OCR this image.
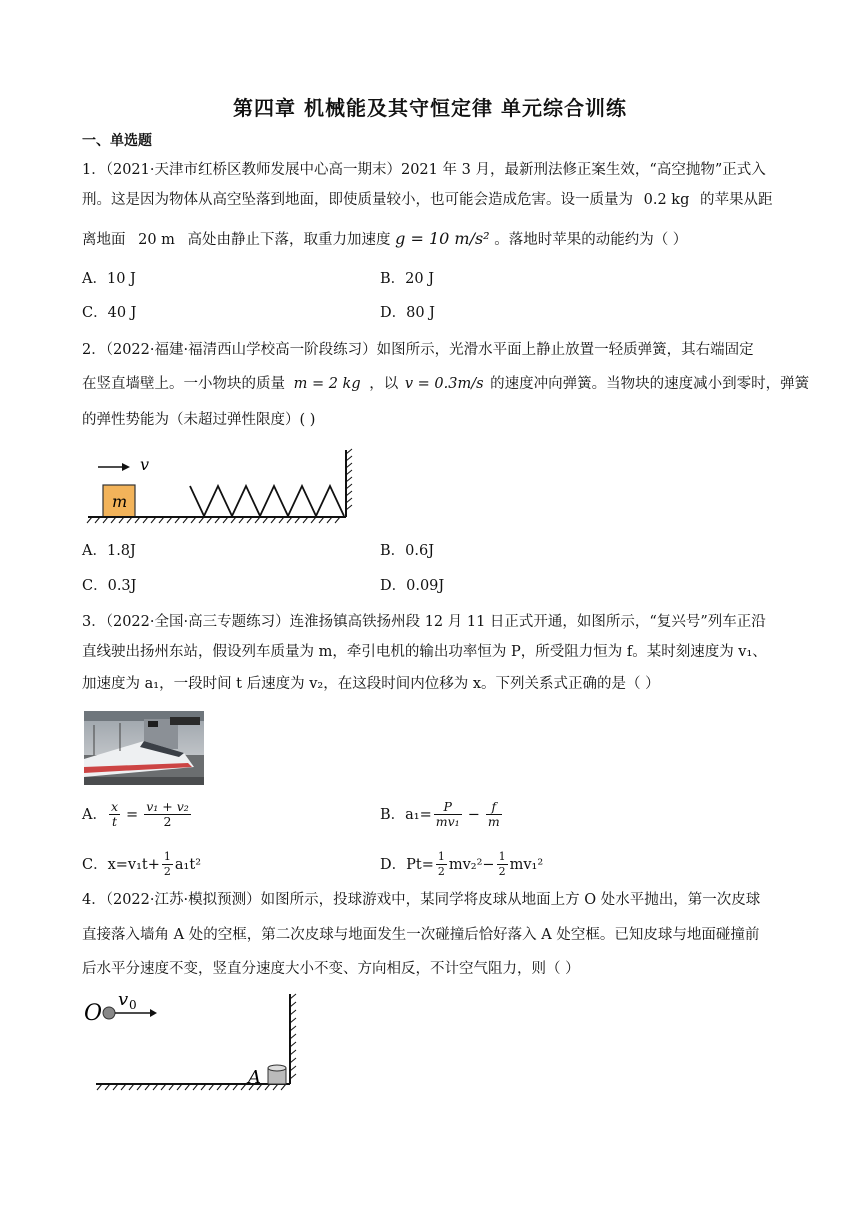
第四章 机械能及其守恒定律 单元综合训练
一、单选题
1．（2021·天津市红桥区教师发展中心高一期末）2021 年 3 月，最新刑法修正案生效，“高空抛物”正式入
刑。这是因为物体从高空坠落到地面，即使质量较小，也可能会造成危害。设一质量为 0.2 kg 的苹果从距
离地面 20 m 高处由静止下落，取重力加速度 g = 10 m/s² 。落地时苹果的动能约为（ ）
A．10 J	B．20 J
C．40 J	D．80 J
2．（2022·福建·福清西山学校高一阶段练习）如图所示，光滑水平面上静止放置一轻质弹簧，其右端固定
在竖直墙壁上。一小物块的质量 m = 2 kg ，以 v = 0.3m/s 的速度冲向弹簧。当物块的速度减小到零时，弹簧
的弹性势能为（未超过弹性限度）( )
v
m
A．1.8J	B．0.6J
C．0.3J	D．0.09J
3．（2022·全国·高三专题练习）连淮扬镇高铁扬州段 12 月 11 日正式开通，如图所示，“复兴号”列车正沿
直线驶出扬州东站，假设列车质量为 m，牵引电机的输出功率恒为 P，所受阻力恒为 f。某时刻速度为 v₁、
加速度为 a₁，一段时间 t 后速度为 v₂，在这段时间内位移为 x。下列关系式正确的是（ ）
A． $\frac{x}{t} = \frac{\text{v₁ + v₂}}{2}$	B．$a_1= \frac{P}{\text{mv₁}} - \frac{f}{m}$
C．$x=v_1t+ \frac{1}{2} a_1t^2$	D．$Pt= \frac{1}{2} mv_2^2- \frac{1}{2} mv_1^2$
4．（2022·江苏·模拟预测）如图所示，投球游戏中，某同学将皮球从地面上方 O 处水平抛出，第一次皮球
直接落入墙角 A 处的空框，第二次皮球与地面发生一次碰撞后恰好落入 A 处空框。已知皮球与地面碰撞前
后水平分速度不变，竖直分速度大小不变、方向相反，不计空气阻力，则（ ）
O
v 0
A
